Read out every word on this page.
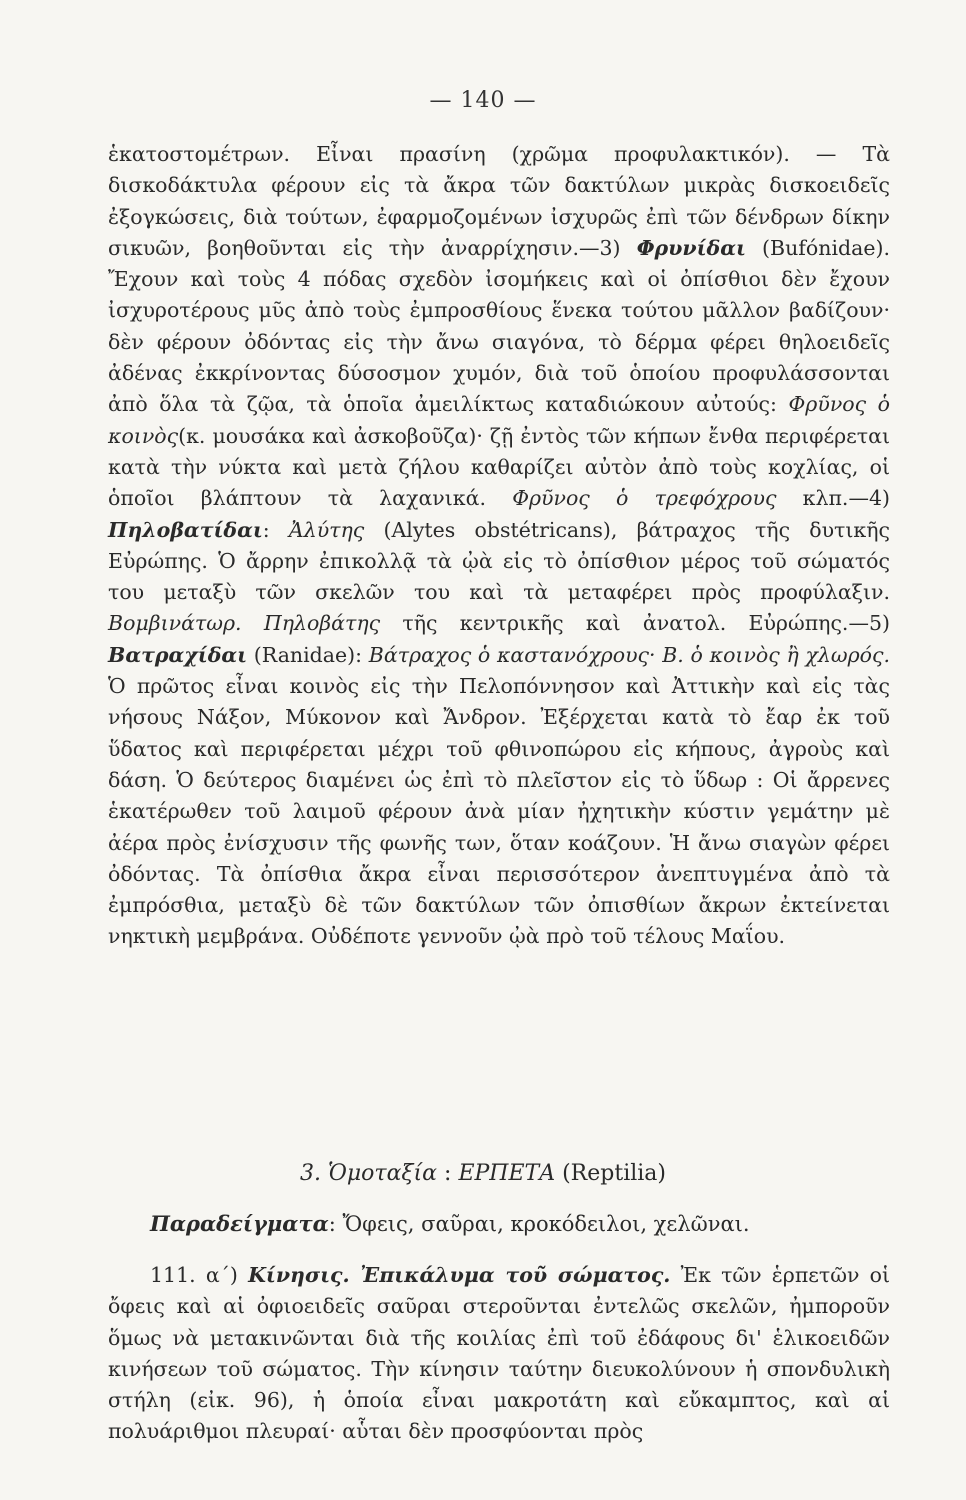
— 140 —
ἑκατοστομέτρων. Εἶναι πρασίνη (χρῶμα προφυλακτικόν). — Τὰ δισκοδάκτυλα φέρουν εἰς τὰ ἄκρα τῶν δακτύλων μικρὰς δισκοειδεῖς ἐξογκώσεις, διὰ τούτων, ἐφαρμοζομένων ἰσχυρῶς ἐπὶ τῶν δένδρων δίκην σικυῶν, βοηθοῦνται εἰς τὴν ἀναρρίχησιν.—3) Φρυνίδαι (Bufónidae). Ἔχουν καὶ τοὺς 4 πόδας σχεδὸν ἰσομήκεις καὶ οἱ ὀπίσθιοι δὲν ἔχουν ἰσχυροτέρους μῦς ἀπὸ τοὺς ἐμπροσθίους ἕνεκα τούτου μᾶλλον βαδίζουν· δὲν φέρουν ὀδόντας εἰς τὴν ἄνω σιαγόνα, τὸ δέρμα φέρει θηλοειδεῖς ἀδένας ἐκκρίνοντας δύσοσμον χυμόν, διὰ τοῦ ὁποίου προφυλάσσονται ἀπὸ ὅλα τὰ ζῷα, τὰ ὁποῖα ἀμειλίκτως καταδιώκουν αὐτούς: Φρῦνος ὁ κοινὸς(κ. μουσάκα καὶ ἀσκοβοῦζα)· ζῇ ἐντὸς τῶν κήπων ἔνθα περιφέρεται κατὰ τὴν νύκτα καὶ μετὰ ζήλου καθαρίζει αὐτὸν ἀπὸ τοὺς κοχλίας, οἱ ὁποῖοι βλάπτουν τὰ λαχανικά. Φρῦνος ὁ τρεφόχρους κλπ.—4) Πηλοβατίδαι: Ἀλύτης (Alytes obstétricans), βάτραχος τῆς δυτικῆς Εὐρώπης. Ὁ ἄρρην ἐπικολλᾷ τὰ ᾠὰ εἰς τὸ ὀπίσθιον μέρος τοῦ σώματός του μεταξὺ τῶν σκελῶν του καὶ τὰ μεταφέρει πρὸς προφύλαξιν. Βομβινάτωρ. Πηλοβάτης τῆς κεντρικῆς καὶ ἀνατολ. Εὐρώπης.—5) Βατραχίδαι (Ranidae): Βάτραχος ὁ καστανόχρους· Β. ὁ κοινὸς ἢ χλωρός. Ὁ πρῶτος εἶναι κοινὸς εἰς τὴν Πελοπόννησον καὶ Ἀττικὴν καὶ εἰς τὰς νήσους Νάξον, Μύκονον καὶ Ἄνδρον. Ἐξέρχεται κατὰ τὸ ἔαρ ἐκ τοῦ ὕδατος καὶ περιφέρεται μέχρι τοῦ φθινοπώρου εἰς κήπους, ἀγροὺς καὶ δάση. Ὁ δεύτερος διαμένει ὡς ἐπὶ τὸ πλεῖστον εἰς τὸ ὕδωρ : Οἱ ἄρρενες ἑκατέρωθεν τοῦ λαιμοῦ φέρουν ἀνὰ μίαν ἠχητικὴν κύστιν γεμάτην μὲ ἀέρα πρὸς ἐνίσχυσιν τῆς φωνῆς των, ὅταν κοάζουν. Ἡ ἄνω σιαγὼν φέρει ὀδόντας. Τὰ ὀπίσθια ἄκρα εἶναι περισσότερον ἀνεπτυγμένα ἀπὸ τὰ ἐμπρόσθια, μεταξὺ δὲ τῶν δακτύλων τῶν ὀπισθίων ἄκρων ἐκτείνεται νηκτικὴ μεμβράνα. Οὐδέποτε γεννοῦν ᾠὰ πρὸ τοῦ τέλους Μαΐου.
3. Ὁμοταξία : ΕΡΠΕΤΑ (Reptilia)
Παραδείγματα: Ὄφεις, σαῦραι, κροκόδειλοι, χελῶναι.
111. α΄) Κίνησις. Ἐπικάλυμα τοῦ σώματος. Ἐκ τῶν ἑρπετῶν οἱ ὄφεις καὶ αἱ ὀφιοειδεῖς σαῦραι στεροῦνται ἐντελῶς σκελῶν, ἠμποροῦν ὅμως νὰ μετακινῶνται διὰ τῆς κοιλίας ἐπὶ τοῦ ἐδάφους δι' ἑλικοειδῶν κινήσεων τοῦ σώματος. Τὴν κίνησιν ταύτην διευκολύνουν ἡ σπονδυλικὴ στήλη (εἰκ. 96), ἡ ὁποία εἶναι μακροτάτη καὶ εὔκαμπτος, καὶ αἱ πολυάριθμοι πλευραί· αὗται δὲν προσφύονται πρὸς
